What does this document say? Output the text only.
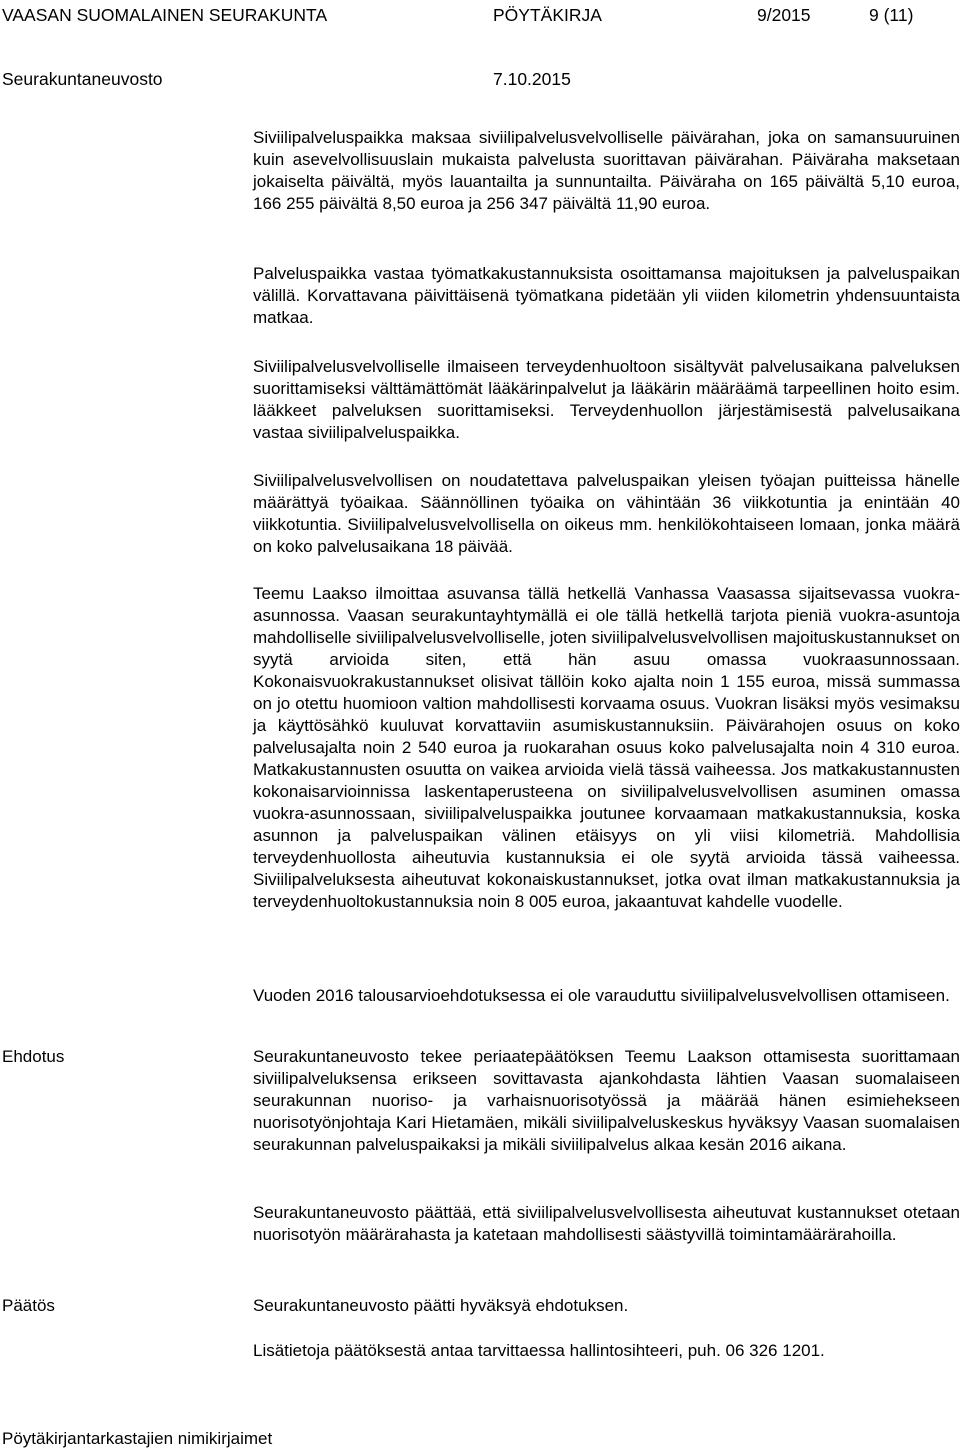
VAASAN SUOMALAINEN SEURAKUNTA	PÖYTÄKIRJA	9/2015	9 (11)
Seurakuntaneuvosto	7.10.2015

Siviilipalveluspaikka maksaa siviilipalvelusvelvolliselle päivärahan, joka on samansuuruinen kuin asevelvollisuuslain mukaista palvelusta suorittavan päivärahan. Päiväraha maksetaan jokaiselta päivältä, myös lauantailta ja sunnuntailta. Päiväraha on 165 päivältä 5,10 euroa, 166 255 päivältä 8,50 euroa ja 256 347 päivältä 11,90 euroa.

Palveluspaikka vastaa työmatkakustannuksista osoittamansa majoituksen ja palveluspaikan välillä. Korvattavana päivittäisenä työmatkana pidetään yli viiden kilometrin yhdensuuntaista matkaa.

Siviilipalvelusvelvolliselle ilmaiseen terveydenhuoltoon sisältyvät palvelusaikana palveluksen suorittamiseksi välttämättömät lääkärinpalvelut ja lääkärin määräämä tarpeellinen hoito esim. lääkkeet palveluksen suorittamiseksi. Terveydenhuollon järjestämisestä palvelusaikana vastaa siviilipalveluspaikka.

Siviilipalvelusvelvollisen on noudatettava palveluspaikan yleisen työajan puitteissa hänelle määrättyä työaikaa. Säännöllinen työaika on vähintään 36 viikkotuntia ja enintään 40 viikkotuntia. Siviilipalvelusvelvollisella on oikeus mm. henkilökohtaiseen lomaan, jonka määrä on koko palvelusaikana 18 päivää.

Teemu Laakso ilmoittaa asuvansa tällä hetkellä Vanhassa Vaasassa sijaitsevassa vuokra-asunnossa. Vaasan seurakuntayhtymällä ei ole tällä hetkellä tarjota pieniä vuokra-asuntoja mahdolliselle siviilipalvelusvelvolliselle, joten siviilipalvelusvelvollisen majoituskustannukset on syytä arvioida siten, että hän asuu omassa vuokraasunnossaan. Kokonaisvuokrakustannukset olisivat tällöin koko ajalta noin 1 155 euroa, missä summassa on jo otettu huomioon valtion mahdollisesti korvaama osuus. Vuokran lisäksi myös vesimaksu ja käyttösähkö kuuluvat korvattaviin asumiskustannuksiin. Päivärahojen osuus on koko palvelusajalta noin 2 540 euroa ja ruokarahan osuus koko palvelusajalta noin 4 310 euroa. Matkakustannusten osuutta on vaikea arvioida vielä tässä vaiheessa. Jos matkakustannusten kokonaisarvioinnissa laskentaperusteena on siviilipalvelusvelvollisen asuminen omassa vuokra-asunnossaan, siviilipalveluspaikka joutunee korvaamaan matkakustannuksia, koska asunnon ja palveluspaikan välinen etäisyys on yli viisi kilometriä. Mahdollisia terveydenhuollosta aiheutuvia kustannuksia ei ole syytä arvioida tässä vaiheessa. Siviilipalveluksesta aiheutuvat kokonaiskustannukset, jotka ovat ilman matkakustannuksia ja terveydenhuoltokustannuksia noin 8 005 euroa, jakaantuvat kahdelle vuodelle.

Vuoden 2016 talousarvioehdotuksessa ei ole varauduttu siviilipalvelusvelvollisen ottamiseen.

Ehdotus	Seurakuntaneuvosto tekee periaatepäätöksen Teemu Laakson ottamisesta suorittamaan siviilipalveluksensa erikseen sovittavasta ajankohdasta lähtien Vaasan suomalaiseen seurakunnan nuoriso- ja varhaisnuorisotyössä ja määrää hänen esimiehekseen nuorisotyönjohtaja Kari Hietamäen, mikäli siviilipalveluskeskus hyväksyy Vaasan suomalaisen seurakunnan palveluspaikaksi ja mikäli siviilipalvelus alkaa kesän 2016 aikana.

Seurakuntaneuvosto päättää, että siviilipalvelusvelvollisesta aiheutuvat kustannukset otetaan nuorisotyön määrärahasta ja katetaan mahdollisesti säästyvillä toimintamäärärahoilla.

Päätös	Seurakuntaneuvosto päätti hyväksyä ehdotuksen.

Lisätietoja päätöksestä antaa tarvittaessa hallintosihteeri, puh. 06 326 1201.

Pöytäkirjantarkastajien nimikirjaimet
